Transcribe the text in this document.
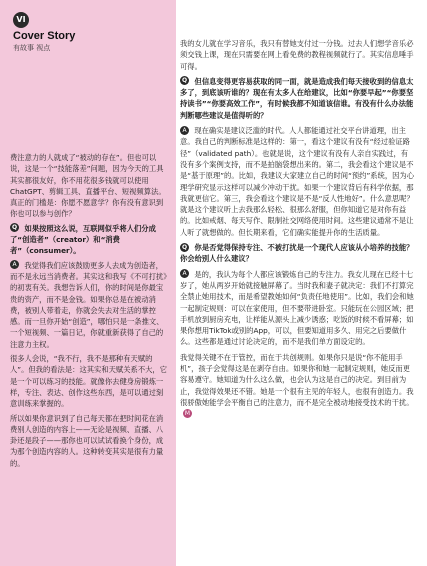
VI
Cover Story
有故事 视点

费注意力的人就成了“被动的存在”。但也可以说，这是一个“技能落差”问题，因为今天的工具其实都很友好，你不用花很多钱就可以使用ChatGPT、剪辑工具、直播平台、短视频算法。真正的门槛是：你愿不愿意学？你有没有意识到你也可以参与创作？

Q 如果按照这么说，互联网似乎将人们分成了“创造者”（creator）和“消费者”（consumer）。

A 我觉得我们应该鼓励更多人去成为创造者，而不是永远当消费者。其实这和我写《不可打扰》的初衷有关。我想告诉人们，你的时间是你最宝贵的资产，而不是金钱。如果你总是在被动消费，被别人带着走，你就会失去对生活的掌控感。而一旦你开始“创造”，哪怕只是一条推文、一个短视频、一篇日记，你就重新获得了自己的注意力主权。

很多人会说，“我不行，我不是那种有天赋的人”。但我的看法是：这其实和天赋关系不大，它是一个可以练习的技能。就像你去健身房锻炼一样，专注、表达、创作这些东西，是可以通过刻意训练来掌握的。

所以如果你意识到了自己每天都在把时间花在消费别人创造的内容上——无论是视频、直播、八卦还是段子——那你也可以试试看换个身份，成为那个创造内容的人。这种转变其实是很有力量的。

我的女儿就在学习音乐，我只有替她支付过一分钱。过去人们想学音乐必须交钱上课，现在只需要在网上看免费的教程视频就行了。其实信息唾手可得。

Q 但信息变得更容易获取的同一面，就是造成我们每天接收到的信息太多了，到底该听谁的？现在有太多人在给建议，比如“你要早起”“你要坚持读书”“你要高效工作”，有时候我都不知道该信谁。有没有什么办法能判断哪些建议是值得听的？

A 现在确实是建议泛滥的时代。人人都能通过社交平台讲道理，出主意。我自己的判断标准是这样的：第一，看这个建议有没有“经过验证路径”（validated path）。也就是说，这个建议有没有人亲自实践过，有没有多个案例支持，而不是拍脑袋想出来的。第二，我会看这个建议是不是“基于原理”的。比如，我建议大家建立自己的时间“预约”系统，因为心理学研究显示这样可以减少冲动干扰。如果一个建议背后有科学依据，那我就更信它。第三，我会看这个建议是不是“反人性地好”。什么意思呢？就是这个建议听上去我那么轻松、很那么舒服，但你知道它是对你有益的。比如戒烟、每天写作、限制社交网络使用时间。这些建议通常不是让人听了就想做的。但长期来看，它们确实能提升你的生活质量。

Q 你是否觉得保持专注、不被打扰是一个现代人应该从小培养的技能？你会给别人什么建议？

A 是的，我认为每个人都应该锻炼自己的专注力。我女儿现在已经十七岁了，她从两岁开始就接触屏幕了。当时我和妻子就决定：我们不打算完全禁止她用技术，而是希望教她如何“负责任地使用”。比如，我们会和她一起制定规则：可以在家使用，但不要带进卧室。只能玩在公园区域；把手机放到厨房充电，让样能从源头上减少诱惑；吃饭的时候不看屏幕；如果你想用TikTok或别的App，可以，但要知道用多久、用完之后要做什么。这些都是通过讨论决定的，而不是我们单方面设定的。

我觉得关键不在于管控，而在于共创规则。如果你只是说“你不能用手机”，孩子会觉得这是在剥夺自由。如果你和她一起制定规则，她反而更容易遵守。她知道为什么这么做，也会认为这是自己的决定。到目前为止，我觉得效果还不错。她是一个很有主见的年轻人，也很有创造力。我很骄傲她能学会平衡自己的注意力，而不是完全被动地接受技术的干扰。 M
